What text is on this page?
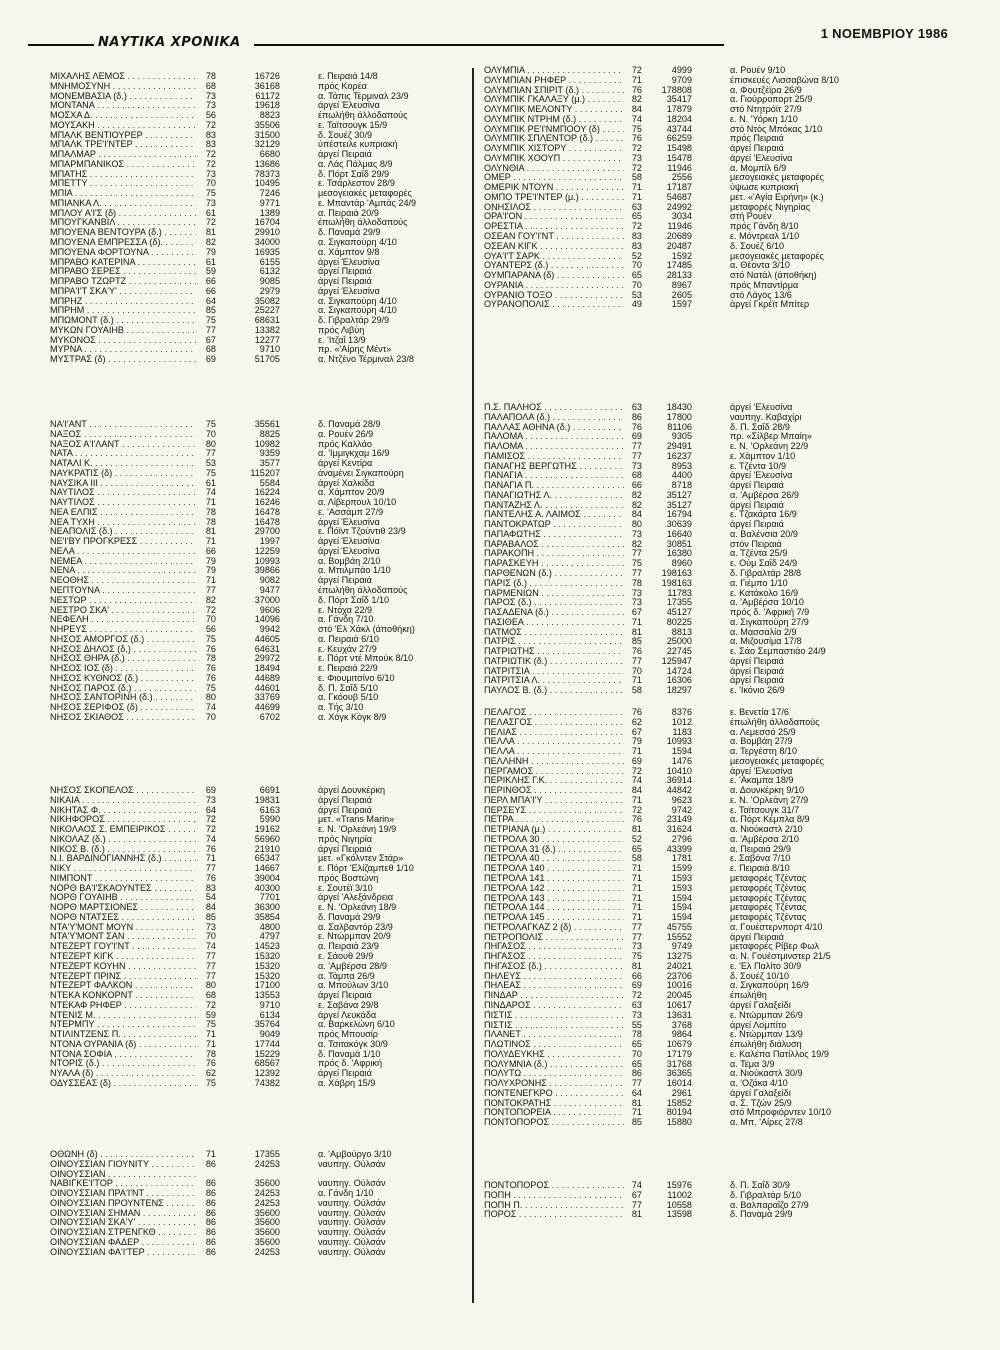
ΝΑΥΤΙΚΑ ΧΡΟΝΙΚΑ
1 ΝΟΕΜΒΡΙΟΥ 1986
ΜΙΧΑΛΗΣ ΛΕΜΟΣ . . .	78	16726	ε. Πειραιά 14/8
ΜΝΗΜΟΣΥΝΗ . . .	68	36168	πρός Κορέα
ΜΟΝΕΜΒΑΣΙΑ (δ.) . . .	73	61172	α. Τάπις Τέρμιναλ 23/9
ΜΟΝΤΑΝΑ . . .	73	19618	άργεί Έλευσίνα
ΜΟΣΧΑ Δ. . . .	56	8823	έπωλήθη άλλοδαπούς
ΜΟΥΣΑΚΗ . . .	72	35506	ε. Ταϊτσουγκ 15/9
ΜΠΑΛΚ ΒΕΝΤΙΟΥΡΕΡ . . .	83	31500	δ. Σουέζ 30/9
ΜΠΑΛΚ ΤΡΕ'Ι'ΝΤΕΡ . . .	83	32129	ύπέστειλε κυπριακή
ΜΠΑΛΜΑΡ . . .	72	6680	άργεί Πειραιά
ΜΠΑΡΜΠΑΝΙΚΟΣ . . .	72	13686	α. Λάς Πάλμας 8/9
ΜΠΑΤΗΣ . . .	73	78373	δ. Πόρτ Σαΐδ 29/9
ΜΠΕΤΤΥ . . .	70	10495	ε. Τσάρλεστον 28/9
ΜΠΙΑ . . .	75	7246	μεσογειακές μεταφορές
ΜΠΙΑΝΚΑ Λ. . . .	73	9771	ε. Μπαντάρ 'Αμπάς 24/9
ΜΠΛΟΥ Α'Ι'Σ (δ) . . .	61	1389	α. Πειραιά 20/9
ΜΠΟΥΓΚΑΝΒΙΛ . . .	72	16704	έπωλήθη άλλοδαπούς
ΜΠΟΥΕΝΑ ΒΕΝΤΟΥΡΑ (δ.) . . .	81	29910	δ. Παναμά 29/9
ΜΠΟΥΕΝΑ ΕΜΠΡΕΣΣΑ (δ). . . .	82	34000	α. Σιγκαπούρη 4/10
ΜΠΟΥΕΝΑ ΦΟΡΤΟΥΝΑ . . .	79	16935	α. Χάμπτον 9/8
ΜΠΡΑΒΟ ΚΑΤΕΡΙΝΑ . . .	61	6155	άργεί Έλευσίνα
ΜΠΡΑΒΟ ΣΕΡΕΣ . . .	59	6132	άργεί Πειραιά
ΜΠΡΑΒΟ ΤΖΩΡΤΖ . . .	66	9085	άργεί Πειραιά
ΜΠΡΑ'Ι'Τ ΣΚΑ'Υ' . . .	66	2979	άργεί Έλευσίνα
ΜΠΡΗΖ . . .	64	35082	α. Σιγκαπούρη 4/10
ΜΠΡΗΜ . . .	85	25227	α. Σιγκαπούρη 4/10
ΜΠΩΜΟΝΤ (δ.) . . .	75	68631	δ. Γιβραλτάρ 29/9
ΜΥΚΩΝ ΓΟΥΑΪΗΒ . . .	77	13382	πρός Λιβύη
ΜΥΚΟΝΟΣ . . .	67	12277	ε. 'Ιτζαΐ 13/9
ΜΥΡΝΑ . . .	68	9710	πρ. «'Αίρης Μέντ»
ΜΥΣΤΡΑΣ (δ) . . .	69	51705	α. Ντζένο Τέρμιναλ 23/8
ΝΑ'Ι'ΑΝΤ . . .	75	35561	δ. Παναμά 28/9
ΝΑΞΟΣ . . .	70	8825	α. Ρουέν 26/9
ΝΑΞΟΣ Α'Ι'ΛΑΝΤ . . .	80	10982	πρός Καλλάο
ΝΑΤΑ . . .	77	9359	α. 'Ιμμιγκχαμ 16/9
ΝΑΤΑΛΙ Κ. . . .	53	3577	άργεί Κεντίρα
ΝΑΥΚΡΑΤΙΣ (δ) . . .	75	115207	άναμένει Σιγκαπούρη
ΝΑΥΣΙΚΑ ΙΙΙ . . .	61	5584	άργεί Χαλκίδα
ΝΑΥΤΙΛΟΣ . . .	74	16224	α. Χάμπτον 20/9
ΝΑΥΤΙΛΟΣ . . .	71	16246	α. Λίβερπουλ 10/10
ΝΕΑ ΕΛΠΙΣ . . .	78	16478	ε. 'Ασσάμπ 27/9
ΝΕΑ ΤΥΧΗ . . .	78	16478	άργεί Έλευσίνα
ΝΕΑΠΟΛΙΣ (δ.) . . .	81	29700	ε. Πόϊντ Τζούντιθ 23/9
ΝΕ'Ι'ΒΥ ΠΡΟΓΚΡΕΣΣ . . .	71	1997	άργεί Έλευσίνα
ΝΕΛΑ . . .	66	12259	άργεί Έλευσίνα
ΝΕΜΕΑ . . .	79	10993	α. Βομβάη 2/10
ΝΕΝΑ . . .	79	39866	α. Μπιλμπάο 1/10
ΝΕΟΘΗΣ . . .	71	9082	άργεί Πειραιά
ΝΕΠΤΟΥΝΑ . . .	77	9477	έπωλήθη άλλοδαπούς
ΝΕΣΤΩΡ . . .	82	37000	δ. Πόρτ Σαΐδ 1/10
ΝΕΣΤΡΟ ΣΚΑ' . . .	72	9606	ε. Ντόχα 22/9
ΝΕΦΕΛΗ . . .	70	14096	α. Γάνδη 7/10
ΝΗΡΕΥΣ . . .	56	9942	στό 'Ελ Χάκλ (άποθήκη)
ΝΗΣΟΣ ΑΜΟΡΓΟΣ (δ.) . . .	75	44605	α. Πειραιά 6/10
ΝΗΣΟΣ ΔΗΛΟΣ (δ.) . . .	76	64631	ε. Κευχάν 27/9
ΝΗΣΟΣ ΘΗΡΑ (δ.) . . .	78	29972	ε. Πόρτ ντέ Μπούκ 8/10
ΝΗΣΟΣ ΙΟΣ (δ) . . .	76	18494	ε. Πειραιά 22/9
ΝΗΣΟΣ ΚΥΘΝΟΣ (δ.) . . .	76	44689	ε. Φιουμιτσίνο 6/10
ΝΗΣΟΣ ΠΑΡΟΣ (δ.) . . .	75	44601	δ. Π. Σαΐδ 5/10
ΝΗΣΟΣ ΣΑΝΤΟΡΙΝΗ (δ.) . . .	80	33769	α. Γκόουβ 5/10
ΝΗΣΟΣ ΣΕΡΙΦΟΣ (δ) . . .	74	44699	α. Τής 3/10
ΝΗΣΟΣ ΣΚΙΑΘΟΣ . . .	70	6702	α. Χόγκ Κόγκ 8/9
ΝΗΣΟΣ ΣΚΟΠΕΛΟΣ . . .	69	6691	άργεί Δουνκέρκη
ΝΙΚΑΙΑ . . .	73	19831	άργεί Πειραιά
ΝΙΚΗΤΑΣ Φ. . . .	64	6163	άργεί Πειραιά
ΝΙΚΗΦΟΡΟΣ . . .	72	5990	μετ. «Trans Marin»
ΝΙΚΟΛΑΟΣ Σ. ΕΜΠΕΙΡΙΚΟΣ . . .	72	19162	ε. Ν. 'Ορλεάνη 19/9
ΝΙΚΟΛΑΖ (δ.) . . .	74	56960	πρός Νιγηρία
ΝΙΚΟΣ Β. (δ.) . . .	76	21910	άργεί Πειραιά
Ν.Ι. ΒΑΡΔΙΝΟΓΙΑΝΝΗΣ (δ.) . . .	71	65347	μετ. «Γκόλντεν Στάρ»
ΝΙΚΥ . . .	77	14667	ε. Πόρτ 'Ελίζαμπεθ 1/10
ΝΙΜΠΟΝΤ . . .	76	39004	πρός Βοστώνη
ΝΟΡΘ ΒΑ'Ι'ΣΚΑΟΥΝΤΕΣ . . .	83	40300	ε. Σουτέϊ 3/10
ΝΟΡΘ ΓΟΥΑΪΗΒ . . .	54	7701	άργεί 'Αλεξάνδρεια
ΝΟΡΘ ΜΑΡΤΣΙΟΝΕΣ . . .	84	36300	ε. Ν. 'Ορλεάνη 18/9
ΝΟΡΘ ΝΤΑΤΣΕΣ . . .	85	35854	δ. Παναμά 29/9
ΝΤΑ'Υ'ΜΟΝΤ ΜΟΥΝ . . .	73	4800	α. Σαλβαντόρ 23/9
ΝΤΑ'Υ'ΜΟΝΤ ΣΑΝ . . .	70	4797	ε. Ντώρμπαν 20/9
ΝΤΕΖΕΡΤ ΓΟΥ'Ι'ΝΤ . . .	74	14523	α. Πειραιά 23/9
ΝΤΕΖΕΡΤ ΚΙΓΚ . . .	77	15320	ε. Σάουθ 29/9
ΝΤΕΖΕΡΤ ΚΟΥΗΝ . . .	77	15320	α. 'Αμβέρσα 28/9
ΝΤΕΖΕΡΤ ΠΡΙΝΣ . . .	77	15320	α. Τάμπα 26/9
ΝΤΕΖΕΡΤ ΦΑΛΚΟΝ . . .	80	17100	α. Μπούλων 3/10
ΝΤΕΚΑ ΚΟΝΚΟΡΝΤ . . .	68	13553	άργεί Πειραιά
ΝΤΕΚΑΦ ΡΗΦΕΡ . . .	72	9710	ε. Σαβάνα 29/8
ΝΤΕΝΙΣ Μ. . . .	59	6134	άργεί Λευκάδα
ΝΤΕΡΜΠΥ . . .	75	35764	α. Βαρκελώνη 6/10
ΝΤΙΛΙΝΤΖΕΝΣ Π. . . .	71	9049	πρός Μπουσίρ
ΝΤΟΝΑ ΟΥΡΑΝΙΑ (δ) . . .	71	17744	α. Τσιτακόγκ 30/9
ΝΤΟΝΑ ΣΟΦΙΑ . . .	78	15229	δ. Παναμά 1/10
ΝΤΟΡΙΣ (δ.) . . .	76	68567	πρός δ. 'Αφρική
ΝΥΑΛΑ (δ) . . .	62	12392	άργεί Πειραιά
ΟΔΥΣΣΕΑΣ (δ) . . .	75	74382	α. Χάβρη 15/9
ΟΘΩΝΗ (δ) . . .	71	17355	α. 'Αμβούργο 3/10
ΟΙΝΟΥΣΣΙΑΝ ΓΙΟΥΝΙΤΥ . . .	86	24253	ναυπηγ. Ούλσάν
ΟΙΝΟΥΣΣΙΑΝ . . .
ΝΑΒΙΓΚΕ'Ι'ΤΟΡ . . .	86	35600	ναυπηγ. Ούλσάν
ΟΙΝΟΥΣΣΙΑΝ ΠΡΑ'Ι'ΝΤ . . .	86	24253	α. Γάνδη 1/10
ΟΙΝΟΥΣΣΙΑΝ ΠΡΟΥΝΤΕΝΣ . . .	86	24253	ναυπηγ. Ούλσάν
ΟΙΝΟΥΣΣΙΑΝ ΣΗΜΑΝ . . .	86	35600	ναυπηγ. Ούλσάν
ΟΙΝΟΥΣΣΙΑΝ ΣΚΑ'Υ' . . .	86	35600	ναυπηγ. Ούλσάν
ΟΙΝΟΥΣΣΙΑΝ ΣΤΡΕΝΓΚΘ . . .	86	35600	ναυπηγ. Ούλσάν
ΟΙΝΟΥΣΣΙΑΝ ΦΑΔΕΡ . . .	86	35600	ναυπηγ. Ούλσάν
ΟΙΝΟΥΣΣΙΑΝ ΦΑ'Ι'ΤΕΡ . . .	86	24253	ναυπηγ. Ούλσάν
ΟΛΥΜΠΙΑ . . .	72	4999	α. Ρουέν 9/10
ΟΛΥΜΠΙΑΝ ΡΗΦΕΡ . . .	71	9709	έπισκευές Λισσαβώνα 8/10
ΟΛΥΜΠΙΑΝ ΣΠΙΡΙΤ (δ.) . . .	76	178808	α. Φουτζέϊρα 26/9
ΟΛΥΜΠΙΚ ΓΚΑΛΑΞΥ (μ.) . . .	82	35417	α. Γιούρροπορτ 25/9
ΟΛΥΜΠΙΚ ΜΕΛΟΝΤΥ . . .	84	17879	στό Ντητρόϊτ 27/9
ΟΛΥΜΠΙΚ ΝΤΡΗΜ (δ.) . . .	74	18204	ε. Ν. 'Υόρκη 1/10
ΟΛΥΜΠΙΚ ΡΕ'Ι'ΝΜΠΟΟΥ (δ) . . .	75	43744	στό Ντός Μπόκας 1/10
ΟΛΥΜΠΙΚ ΣΠΛΕΝΤΟΡ (δ.) . . .	76	66259	πρός Πειραιά
ΟΛΥΜΠΙΚ ΧΙΣΤΟΡΥ . . .	72	15498	άργεί Πειραιά
ΟΛΥΜΠΙΚ ΧΟΟΥΠ . . .	73	15478	άργεί 'Ελευσίνα
ΟΛΥΝΘΙΑ . . .	72	11946	α. Μομπίλ 6/9
ΟΜΕΡ . . .	58	2556	μεσογειακές μεταφορές
ΟΜΕΡΙΚ ΝΤΟΥΝ . . .	71	17187	ύψωσε κυπριακή
ΟΜΠΟ ΤΡΕ'Ι'ΝΤΕΡ (μ.) . . .	71	54687	μετ. «'Αγία Ειρήνη» (κ.)
ΟΝΗΣΙΛΟΣ . . .	63	24992	μεταφορές Νιγηρίας
ΟΡΑ'Ι'ΟΝ . . .	65	3034	στή Ρουέν
ΟΡΕΣΤΙΑ . . .	72	11946	πρός Γάνδη 8/10
ΟΣΕΑΝ ΓΟΥ'Ι'ΝΤ . . .	83	20689	ε. Μόντρεαλ 1/10
ΟΣΕΑΝ ΚΙΓΚ . . .	83	20487	δ. Σουέζ 6/10
ΟΥΑ'Ι'Τ ΣΑΡΚ . . .	52	1592	μεσογειακές μεταφορές
ΟΥΑΝΤΕΡΣ (δ.) . . .	70	17485	α. Θέοντα 3/10
ΟΥΜΠΑΡΑΝΑ (δ) . . .	65	28133	στό Νατάλ (άποθήκη)
ΟΥΡΑΝΙΑ . . .	70	8967	πρός Μπαντίρμα
ΟΥΡΑΝΙΟ ΤΟΞΟ . . .	53	2605	στό Λάγος 13/6
ΟΥΡΑΝΟΠΟΛΙΣ . . .	49	1597	άργεί Γκρέϊτ Μπίτερ
Π.Σ. ΠΑΛΗΟΣ . . .	63	18430	άργεί 'Ελευσίνα
ΠΑΛΑΠΟΛΑ (δ.) . . .	86	17800	ναυπηγ. Καβαχίρι
ΠΑΛΛΑΣ ΑΘΗΝΑ (δ.) . . .	76	81106	δ. Π. Σαΐδ 28/9
ΠΑΛΟΜΑ . . .	69	9305	πρ. «Σίλβερ Μπαίη»
ΠΑΛΟΜΑ . . .	77	29491	ε. Ν. 'Ορλεάνη 22/9
ΠΑΜΙΣΟΣ . . .	77	16237	ε. Χάμπτον 1/10
ΠΑΝΑΓΗΣ ΒΕΡΓΩΤΗΣ . . .	73	8953	ε. Τζέντα 10/9
ΠΑΝΑΓΙΑ . . .	68	4400	άργεί 'Ελευσίνα
ΠΑΝΑΓΙΑ Π. . . .	66	8718	άργεί Πειραιά
ΠΑΝΑΓΙΩΤΗΣ Λ. . . .	82	35127	α. 'Αμβέρσα 26/9
ΠΑΝΤΑΖΗΣ Λ. . . .	82	35127	άργεί Πειραιά
ΠΑΝΤΕΛΗΣ Α. ΛΑΙΜΟΣ . . .	84	16794	ε. Τζακάρτα 16/9
ΠΑΝΤΟΚΡΑΤΩΡ . . .	80	30639	άργεί Πειραιά
ΠΑΠΑΦΩΤΗΣ . . .	73	16640	α. Βαλένσια 20/9
ΠΑΡΑΒΑΛΟΣ . . .	82	30851	στόν Πειραιά
ΠΑΡΑΚΟΠΗ . . .	77	16380	α. Τζέντα 25/9
ΠΑΡΑΣΚΕΥΗ . . .	75	8960	ε. Ούμ Σαΐδ 24/9
ΠΑΡΘΕΝΩΝ (δ.) . . .	77	198163	δ. Γιβραλτάρ 28/8
ΠΑΡΙΣ (δ.) . . .	78	198163	α. Γιέμπο 1/10
ΠΑΡΜΕΝΙΩΝ . . .	73	11783	ε. Κατάκολο 16/9
ΠΑΡΟΣ (δ.) . . .	73	17355	α. 'Αμβέρσα 10/10
ΠΑΣΑΔΕΝΑ (δ.) . . .	67	45127	πρός δ. 'Αφρική 7/9
ΠΑΣΙΘΕΑ . . .	71	80225	α. Σιγκαπούρη 27/9
ΠΑΤΜΟΣ . . .	81	8813	α. Μασσαλία 2/9
ΠΑΤΡΙΣ . . .	85	25000	α. Μιζουσίμα 17/8
ΠΑΤΡΙΩΤΗΣ . . .	76	22745	ε. Σάο Σεμπαστιάο 24/9
ΠΑΤΡΙΩΤΙΚ (δ.) . . .	77	125947	άργεί Πειραιά
ΠΑΤΡΙΤΣΙΑ . . .	70	14724	άργεί Πειραιά
ΠΑΤΡΙΤΣΙΑ Λ. . . .	71	16306	άργεί Πειραιά
ΠΑΥΛΟΣ Β. (δ.) . . .	58	18297	ε. 'Ικόνιο 26/9
ΠΕΛΑΓΟΣ . . .	76	8376	ε. Βενετία 17/6
ΠΕΛΑΣΓΟΣ . . .	62	1012	έπωλήθη άλλοδαπούς
ΠΕΛΙΑΣ . . .	67	1183	α. Λεμεσσό 25/9
ΠΕΛΛΑ . . .	79	10993	α. Βομβάη 27/9
ΠΕΛΛΑ . . .	71	1594	α. Τεργέστη 8/10
ΠΕΛΛΗΝΗ . . .	69	1476	μεσογειακές μεταφορές
ΠΕΡΓΑΜΟΣ . . .	72	10410	άργεί 'Ελευσίνα
ΠΕΡΙΚΛΗΣ Γ.Κ. . . .	74	36914	ε. 'Ακαμπα 18/9
ΠΕΡΙΝΘΟΣ . . .	84	44842	α. Δουνκέρκη 9/10
ΠΕΡΛ ΜΠΑ'Ι'Υ . . .	71	9623	ε. Ν. 'Ορλεάνη 27/9
ΠΕΡΣΕΥΣ . . .	72	9742	ε. Ταϊτσουγκ 31/7
ΠΕΤΡΑ . . .	76	23149	α. Πόρτ Κέμπλα 8/9
ΠΕΤΡΙΑΝΑ (μ.) . . .	81	31624	α. Νιούκαστλ 2/10
ΠΕΤΡΟΛΑ 30 . . .	52	2796	α. 'Αμβέρσα 2/10
ΠΕΤΡΟΛΑ 31 (δ.) . . .	65	43399	α. Πειραιά 29/9
ΠΕΤΡΟΛΑ 40 . . .	58	1781	ε. Σαβόνα 7/10
ΠΕΤΡΟΛΑ 140 . . .	71	1599	ε. Πειραιά 8/10
ΠΕΤΡΟΛΑ 141 . . .	71	1593	μεταφορές Τζέντας
ΠΕΤΡΟΛΑ 142 . . .	71	1593	μεταφορές Τζέντας
ΠΕΤΡΟΛΑ 143 . . .	71	1594	μεταφορές Τζέντας
ΠΕΤΡΟΛΑ 144 . . .	71	1594	μεταφορές Τζέντας
ΠΕΤΡΟΛΑ 145 . . .	71	1594	μεταφορές Τζέντας
ΠΕΤΡΟΛΑΓΚΑΖ 2 (δ) . . .	77	45755	α. Γουέστερνπορτ 4/10
ΠΕΤΡΟΠΟΛΙΣ . . .	77	15552	άργεί Πειραιά
ΠΗΓΑΣΟΣ . . .	73	9749	μεταφορές Ρίβερ Φωλ
ΠΗΓΑΣΟΣ . . .	75	13275	α. Ν. Γουέστμινστερ 21/5
ΠΗΓΑΣΟΣ (δ.) . . .	81	24021	ε. 'Ελ Παλίτο 30/9
ΠΗΛΕΥΣ . . .	66	23706	δ. Σουέζ 10/10
ΠΗΛΕΑΣ . . .	69	10016	α. Σιγκαπούρη 16/9
ΠΙΝΔΑΡ . . .	72	20045	έπωλήθη
ΠΙΝΔΑΡΟΣ . . .	63	10617	άργεί Γαλαξείδι
ΠΙΣΤΙΣ . . .	73	13631	ε. Ντώρμπαν 26/9
ΠΙΣΤΙΣ . . .	55	3768	άργεί Λομπίτο
ΠΛΑΝΕΤ . . .	78	9864	ε. Ντώρμπαν 13/9
ΠΛΩΤΙΝΟΣ . . .	65	10679	έπωλήθη διάλυση
ΠΟΛΥΔΕΥΚΗΣ . . .	70	17179	ε. Καλέπα Πατίλλος 19/9
ΠΟΛΥΜΝΙΑ (δ.) . . .	65	31768	α. Τέμα 3/9
ΠΟΛΥΤΩ . . .	86	36365	α. Νιούκαστλ 30/9
ΠΟΛΥΧΡΟΝΗΣ . . .	77	16014	α. 'Οζάκα 4/10
ΠΟΝΤΕΝΕΓΚΡΟ . . .	64	2961	άργεί Γαλαξείδι
ΠΟΝΤΟΚΡΑΤΗΣ . . .	81	15852	α. Σ. Τζών 25/9
ΠΟΝΤΟΠΟΡΕΙΑ . . .	71	80194	στό Μπροφιόρντεν 10/10
ΠΟΝΤΟΠΟΡΟΣ . . .	85	15880	α. Μπ. 'Αίρες 27/8
ΠΟΝΤΟΠΟΡΟΣ . . .	74	15976	δ. Π. Σαΐδ 30/9
ΠΟΠΗ . . .	67	11002	δ. Γιβραλτάρ 5/10
ΠΟΠΗ Π. . . .	77	10558	α. Βαλπαραΐζο 27/9
ΠΟΡΟΣ . . .	81	13598	δ. Παναμά 29/9
